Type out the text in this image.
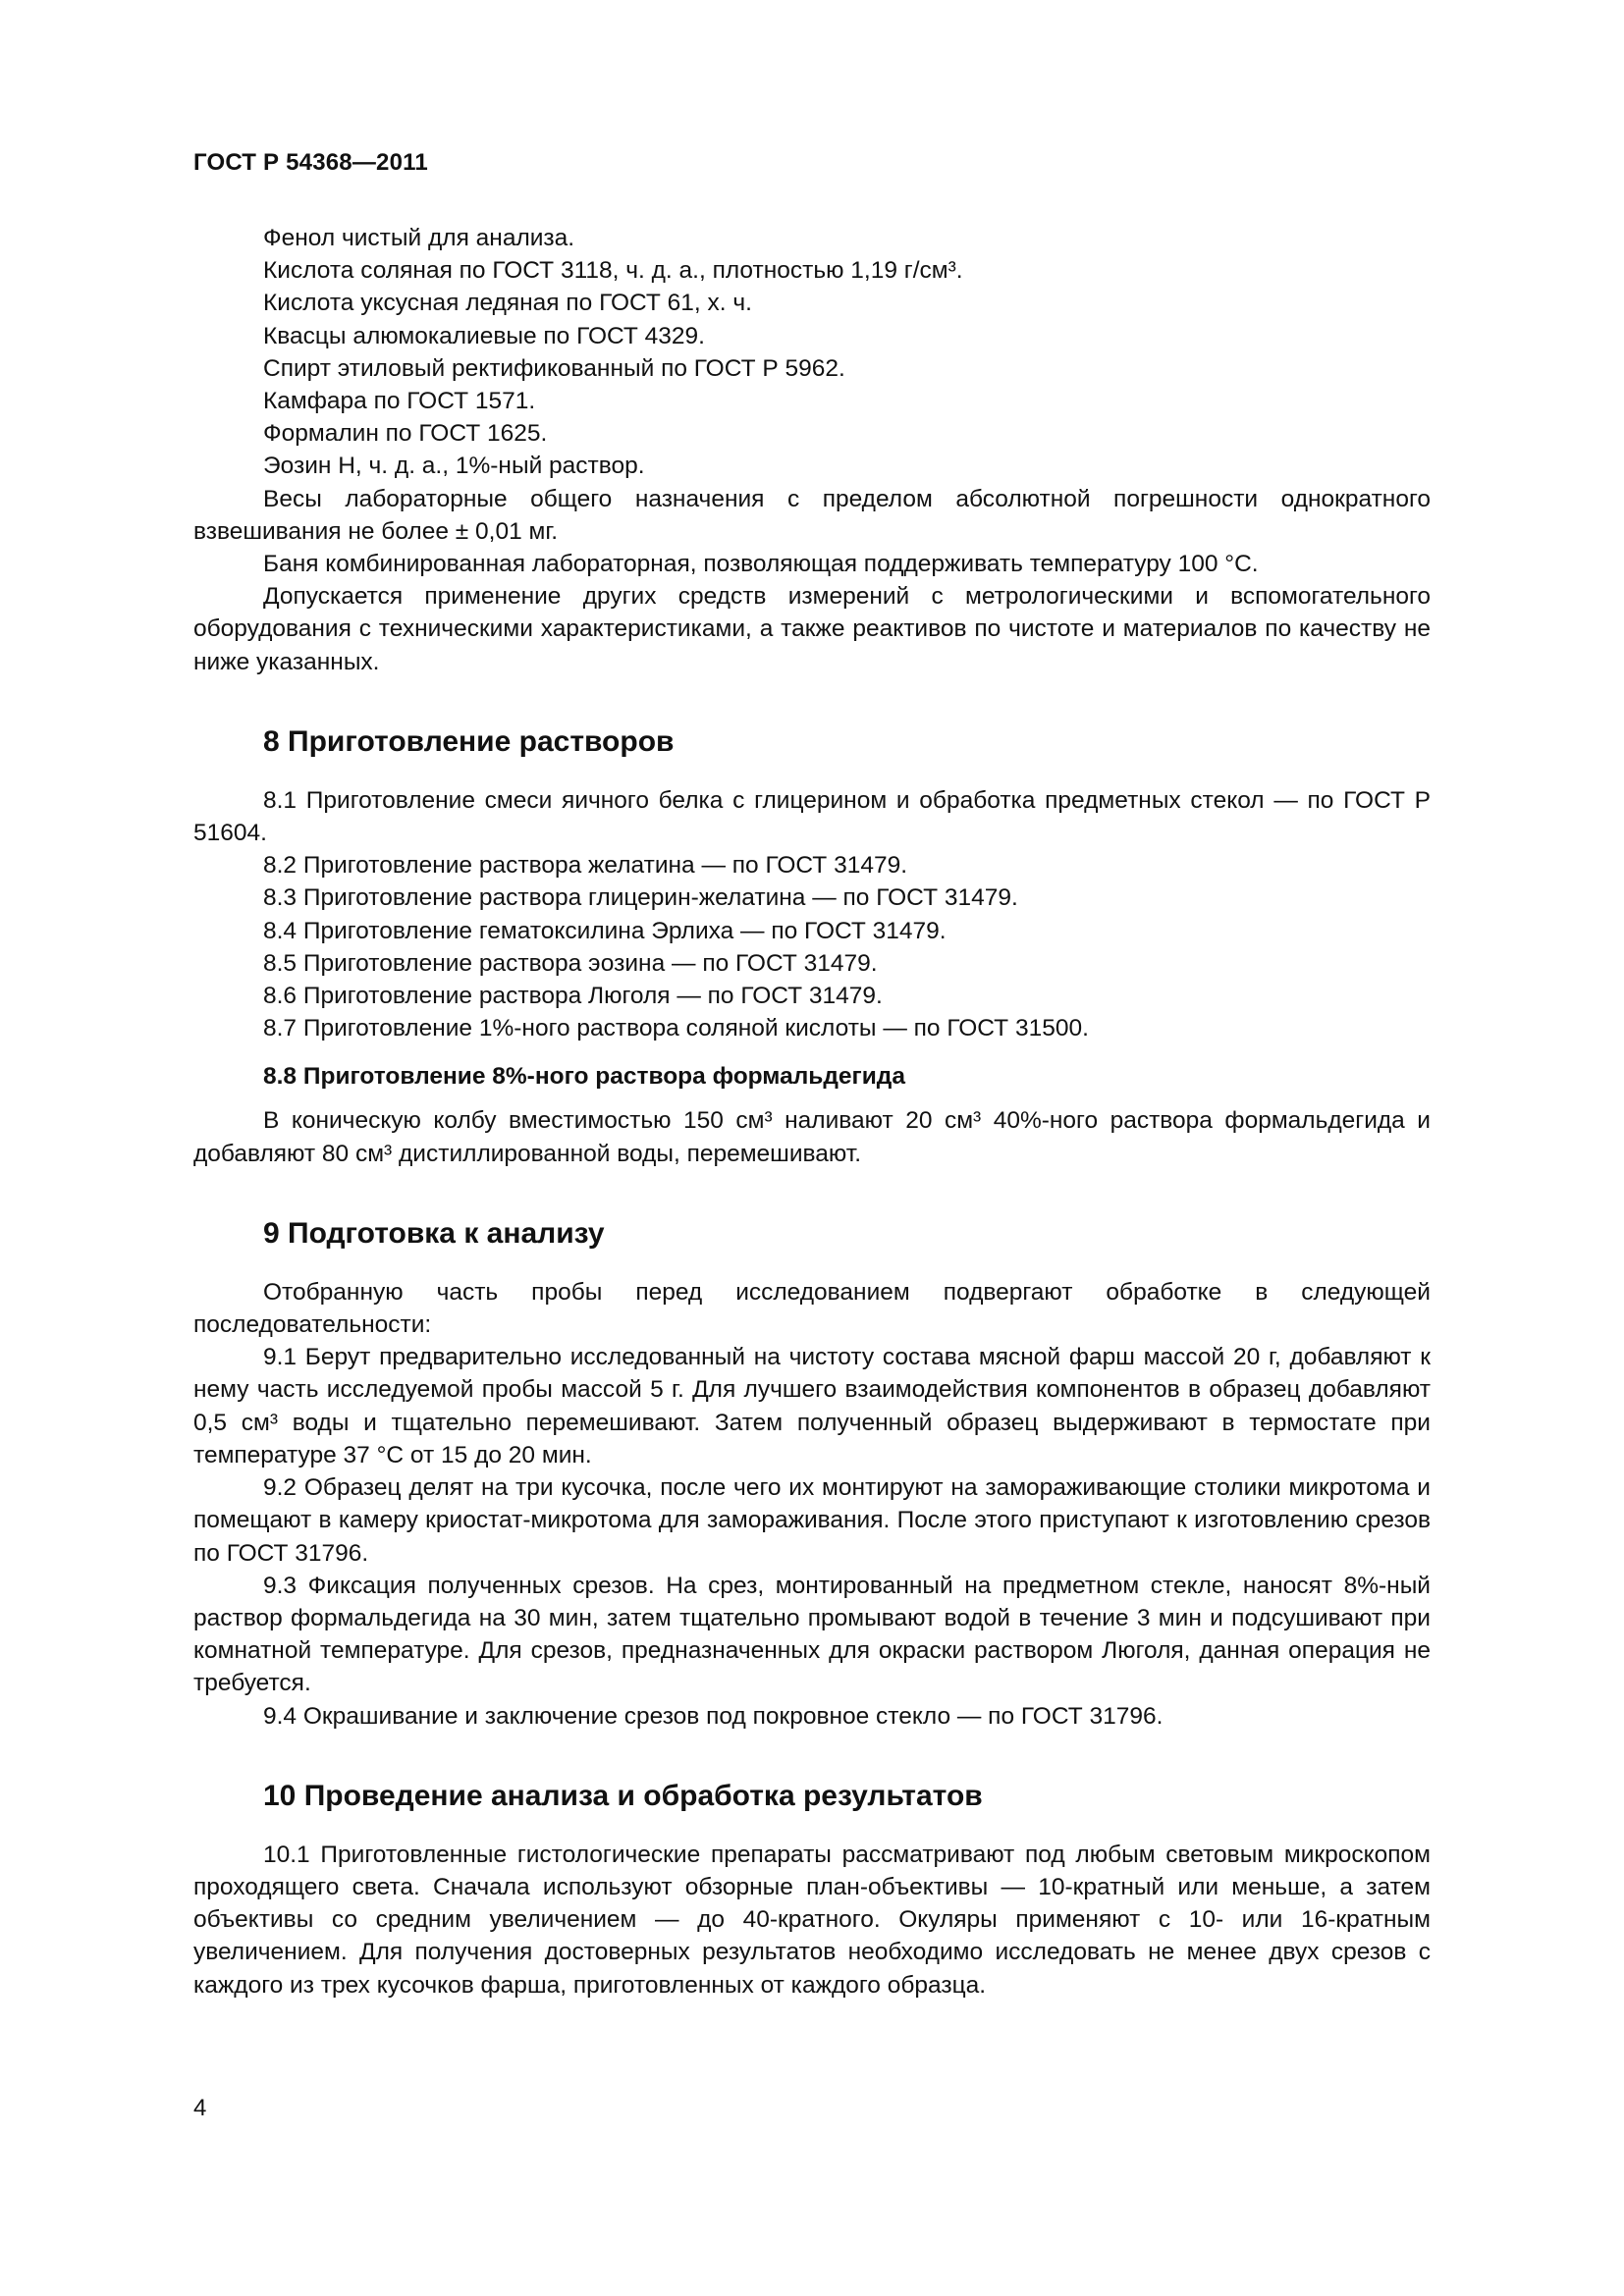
ГОСТ Р 54368—2011

Фенол чистый для анализа.

Кислота соляная по ГОСТ 3118, ч. д. а., плотностью 1,19 г/см³.

Кислота уксусная ледяная по ГОСТ 61, х. ч.

Квасцы алюмокалиевые по ГОСТ 4329.

Спирт этиловый ректификованный по ГОСТ Р 5962.

Камфара по ГОСТ 1571.

Формалин по ГОСТ 1625.

Эозин Н, ч. д. а., 1%-ный раствор.

Весы лабораторные общего назначения с пределом абсолютной погрешности однократного взвешивания не более ± 0,01 мг.

Баня комбинированная лабораторная, позволяющая поддерживать температуру 100 °С.

Допускается применение других средств измерений с метрологическими и вспомогательного оборудования с техническими характеристиками, а также реактивов по чистоте и материалов по качеству не ниже указанных.

8 Приготовление растворов

8.1 Приготовление смеси яичного белка с глицерином и обработка предметных стекол — по ГОСТ Р 51604.

8.2 Приготовление раствора желатина — по ГОСТ 31479.

8.3 Приготовление раствора глицерин-желатина — по ГОСТ 31479.

8.4 Приготовление гематоксилина Эрлиха — по ГОСТ 31479.

8.5 Приготовление раствора эозина — по ГОСТ 31479.

8.6 Приготовление раствора Люголя — по ГОСТ 31479.

8.7 Приготовление 1%-ного раствора соляной кислоты — по ГОСТ 31500.

8.8 Приготовление 8%-ного раствора формальдегида

В коническую колбу вместимостью 150 см³ наливают 20 см³ 40%-ного раствора формальдегида и добавляют 80 см³ дистиллированной воды, перемешивают.

9 Подготовка к анализу

Отобранную часть пробы перед исследованием подвергают обработке в следующей последовательности:

9.1 Берут предварительно исследованный на чистоту состава мясной фарш массой 20 г, добавляют к нему часть исследуемой пробы массой 5 г. Для лучшего взаимодействия компонентов в образец добавляют 0,5 см³ воды и тщательно перемешивают. Затем полученный образец выдерживают в термостате при температуре 37 °С от 15 до 20 мин.

9.2 Образец делят на три кусочка, после чего их монтируют на замораживающие столики микротома и помещают в камеру криостат-микротома для замораживания. После этого приступают к изготовлению срезов по ГОСТ 31796.

9.3 Фиксация полученных срезов. На срез, монтированный на предметном стекле, наносят 8%-ный раствор формальдегида на 30 мин, затем тщательно промывают водой в течение 3 мин и подсушивают при комнатной температуре. Для срезов, предназначенных для окраски раствором Люголя, данная операция не требуется.

9.4 Окрашивание и заключение срезов под покровное стекло — по ГОСТ 31796.

10 Проведение анализа и обработка результатов

10.1 Приготовленные гистологические препараты рассматривают под любым световым микроскопом проходящего света. Сначала используют обзорные план-объективы — 10-кратный или меньше, а затем объективы со средним увеличением — до 40-кратного. Окуляры применяют с 10- или 16-кратным увеличением. Для получения достоверных результатов необходимо исследовать не менее двух срезов с каждого из трех кусочков фарша, приготовленных от каждого образца.

4
